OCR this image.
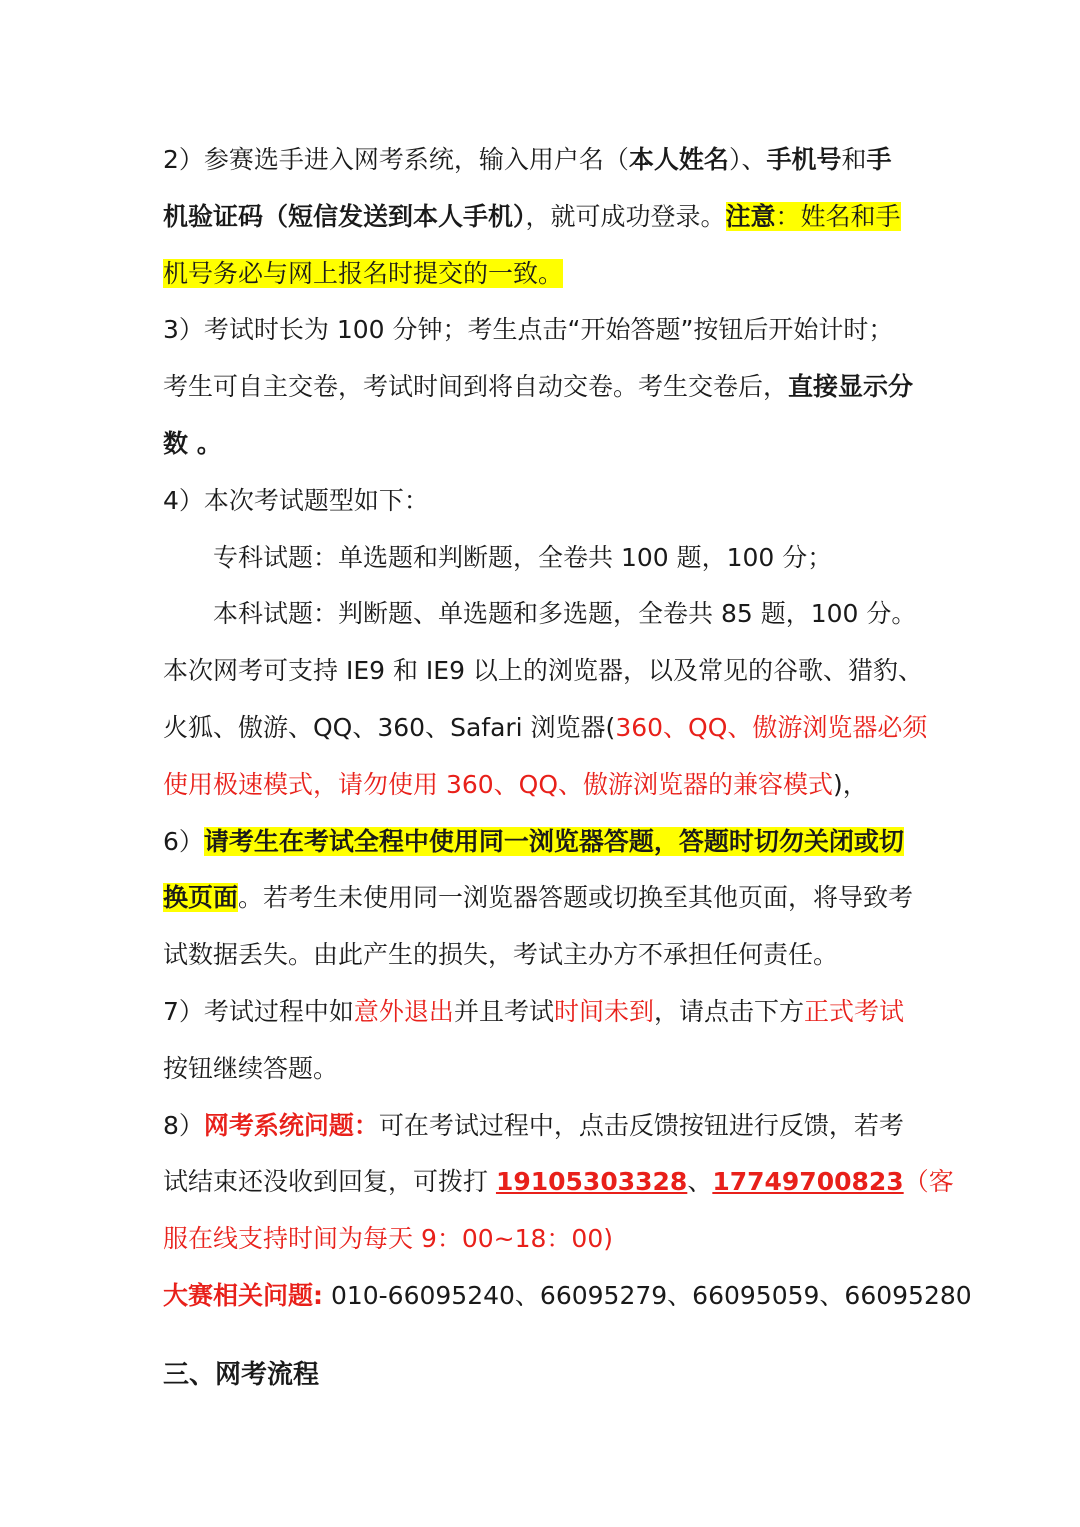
2）参赛选手进入网考系统，输入用户名（本人姓名）、手机号和手
机验证码（短信发送到本人手机），就可成功登录。注意：姓名和手
机号务必与网上报名时提交的一致。
3）考试时长为 100 分钟；考生点击“开始答题”按钮后开始计时；
考生可自主交卷，考试时间到将自动交卷。考生交卷后，直接显示分
数 。
4）本次考试题型如下：
专科试题：单选题和判断题，全卷共 100 题，100 分；
本科试题：判断题、单选题和多选题，全卷共 85 题，100 分。
本次网考可支持 IE9 和 IE9 以上的浏览器，以及常见的谷歌、猎豹、
火狐、傲游、QQ、360、Safari 浏览器(360、QQ、傲游浏览器必须
使用极速模式，请勿使用 360、QQ、傲游浏览器的兼容模式)，
6）请考生在考试全程中使用同一浏览器答题，答题时切勿关闭或切
换页面。若考生未使用同一浏览器答题或切换至其他页面，将导致考
试数据丢失。由此产生的损失，考试主办方不承担任何责任。
7）考试过程中如意外退出并且考试时间未到，请点击下方正式考试
按钮继续答题。
8）网考系统问题：可在考试过程中，点击反馈按钮进行反馈，若考
试结束还没收到回复，可拨打 19105303328、17749700823（客
服在线支持时间为每天 9：00~18：00)
大赛相关问题: 010-66095240、66095279、66095059、66095280
三、网考流程
